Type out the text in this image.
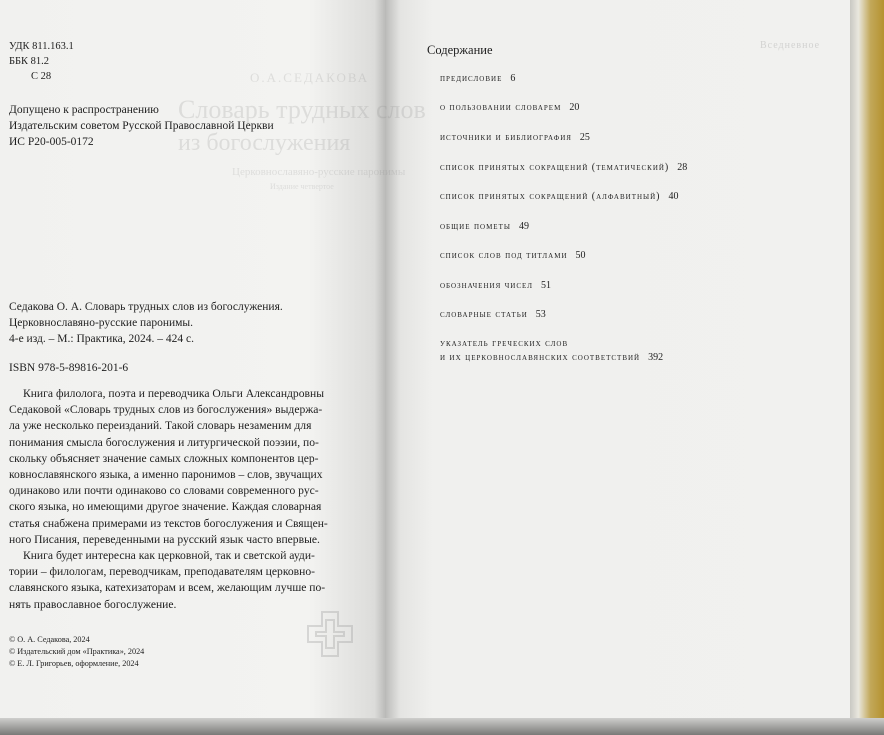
Ο.Α.СЕДАКОВА
Словарь трудных слов
из богослужения
Церковнославяно-русские паронимы
Издание четвертое
Вседневное
УДК 811.163.1
ББК 81.2
С 28
Допущено к распространению
Издательским советом Русской Православной Церкви
ИС Р20-005-0172
Седакова О. А. Словарь трудных слов из богослужения.
Церковнославяно-русские паронимы.
4-е изд. – М.: Практика, 2024. – 424 с.
ISBN 978-5-89816-201-6
Книга филолога, поэта и переводчика Ольги Александровны
Седаковой «Словарь трудных слов из богослужения» выдержа-
ла уже несколько переизданий. Такой словарь незаменим для
понимания смысла богослужения и литургической поэзии, по-
скольку объясняет значение самых сложных компонентов цер-
ковнославянского языка, а именно паронимов – слов, звучащих
одинаково или почти одинаково со словами современного рус-
ского языка, но имеющими другое значение. Каждая словарная
статья снабжена примерами из текстов богослужения и Священ-
ного Писания, переведенными на русский язык часто впервые.
Книга будет интересна как церковной, так и светской ауди-
тории – филологам, переводчикам, преподавателям церковно-
славянского языка, катехизаторам и всем, желающим лучше по-
нять православное богослужение.
© О. А. Седакова, 2024
© Издательский дом «Практика», 2024
© Е. Л. Григорьев, оформление, 2024
Содержание
предисловие 6
о пользовании словарем 20
источники и библиография 25
список принятых сокращений (тематический) 28
список принятых сокращений (алфавитный) 40
общие пометы 49
список слов под титлами 50
обозначения чисел 51
словарные статьи 53
указатель греческих слов
и их церковнославянских соответствий 392
